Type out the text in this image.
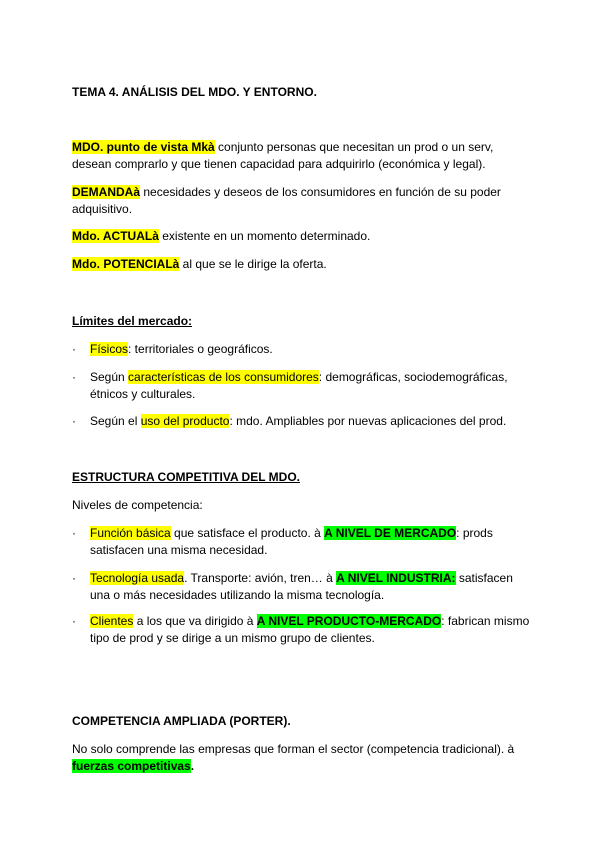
TEMA 4. ANÁLISIS DEL MDO. Y ENTORNO.

MDO. punto de vista Mkà conjunto personas que necesitan un prod o un serv, desean comprarlo y que tienen capacidad para adquirirlo (económica y legal).

DEMANDAà necesidades y deseos de los consumidores en función de su poder adquisitivo.

Mdo. ACTUALà existente en un momento determinado.

Mdo. POTENCIALà al que se le dirige la oferta.

Límites del mercado:

·	Físicos: territoriales o geográficos.

·	Según características de los consumidores: demográficas, sociodemográficas, étnicos y culturales.

·	Según el uso del producto: mdo. Ampliables por nuevas aplicaciones del prod.

ESTRUCTURA COMPETITIVA DEL MDO.

Niveles de competencia:

·	Función básica que satisface el producto. à A NIVEL DE MERCADO: prods satisfacen una misma necesidad.

·	Tecnología usada. Transporte: avión, tren… à A NIVEL INDUSTRIA: satisfacen una o más necesidades utilizando la misma tecnología.

·	Clientes a los que va dirigido à A NIVEL PRODUCTO-MERCADO: fabrican mismo tipo de prod y se dirige a un mismo grupo de clientes.

COMPETENCIA AMPLIADA (PORTER).

No solo comprende las empresas que forman el sector (competencia tradicional). à fuerzas competitivas.
